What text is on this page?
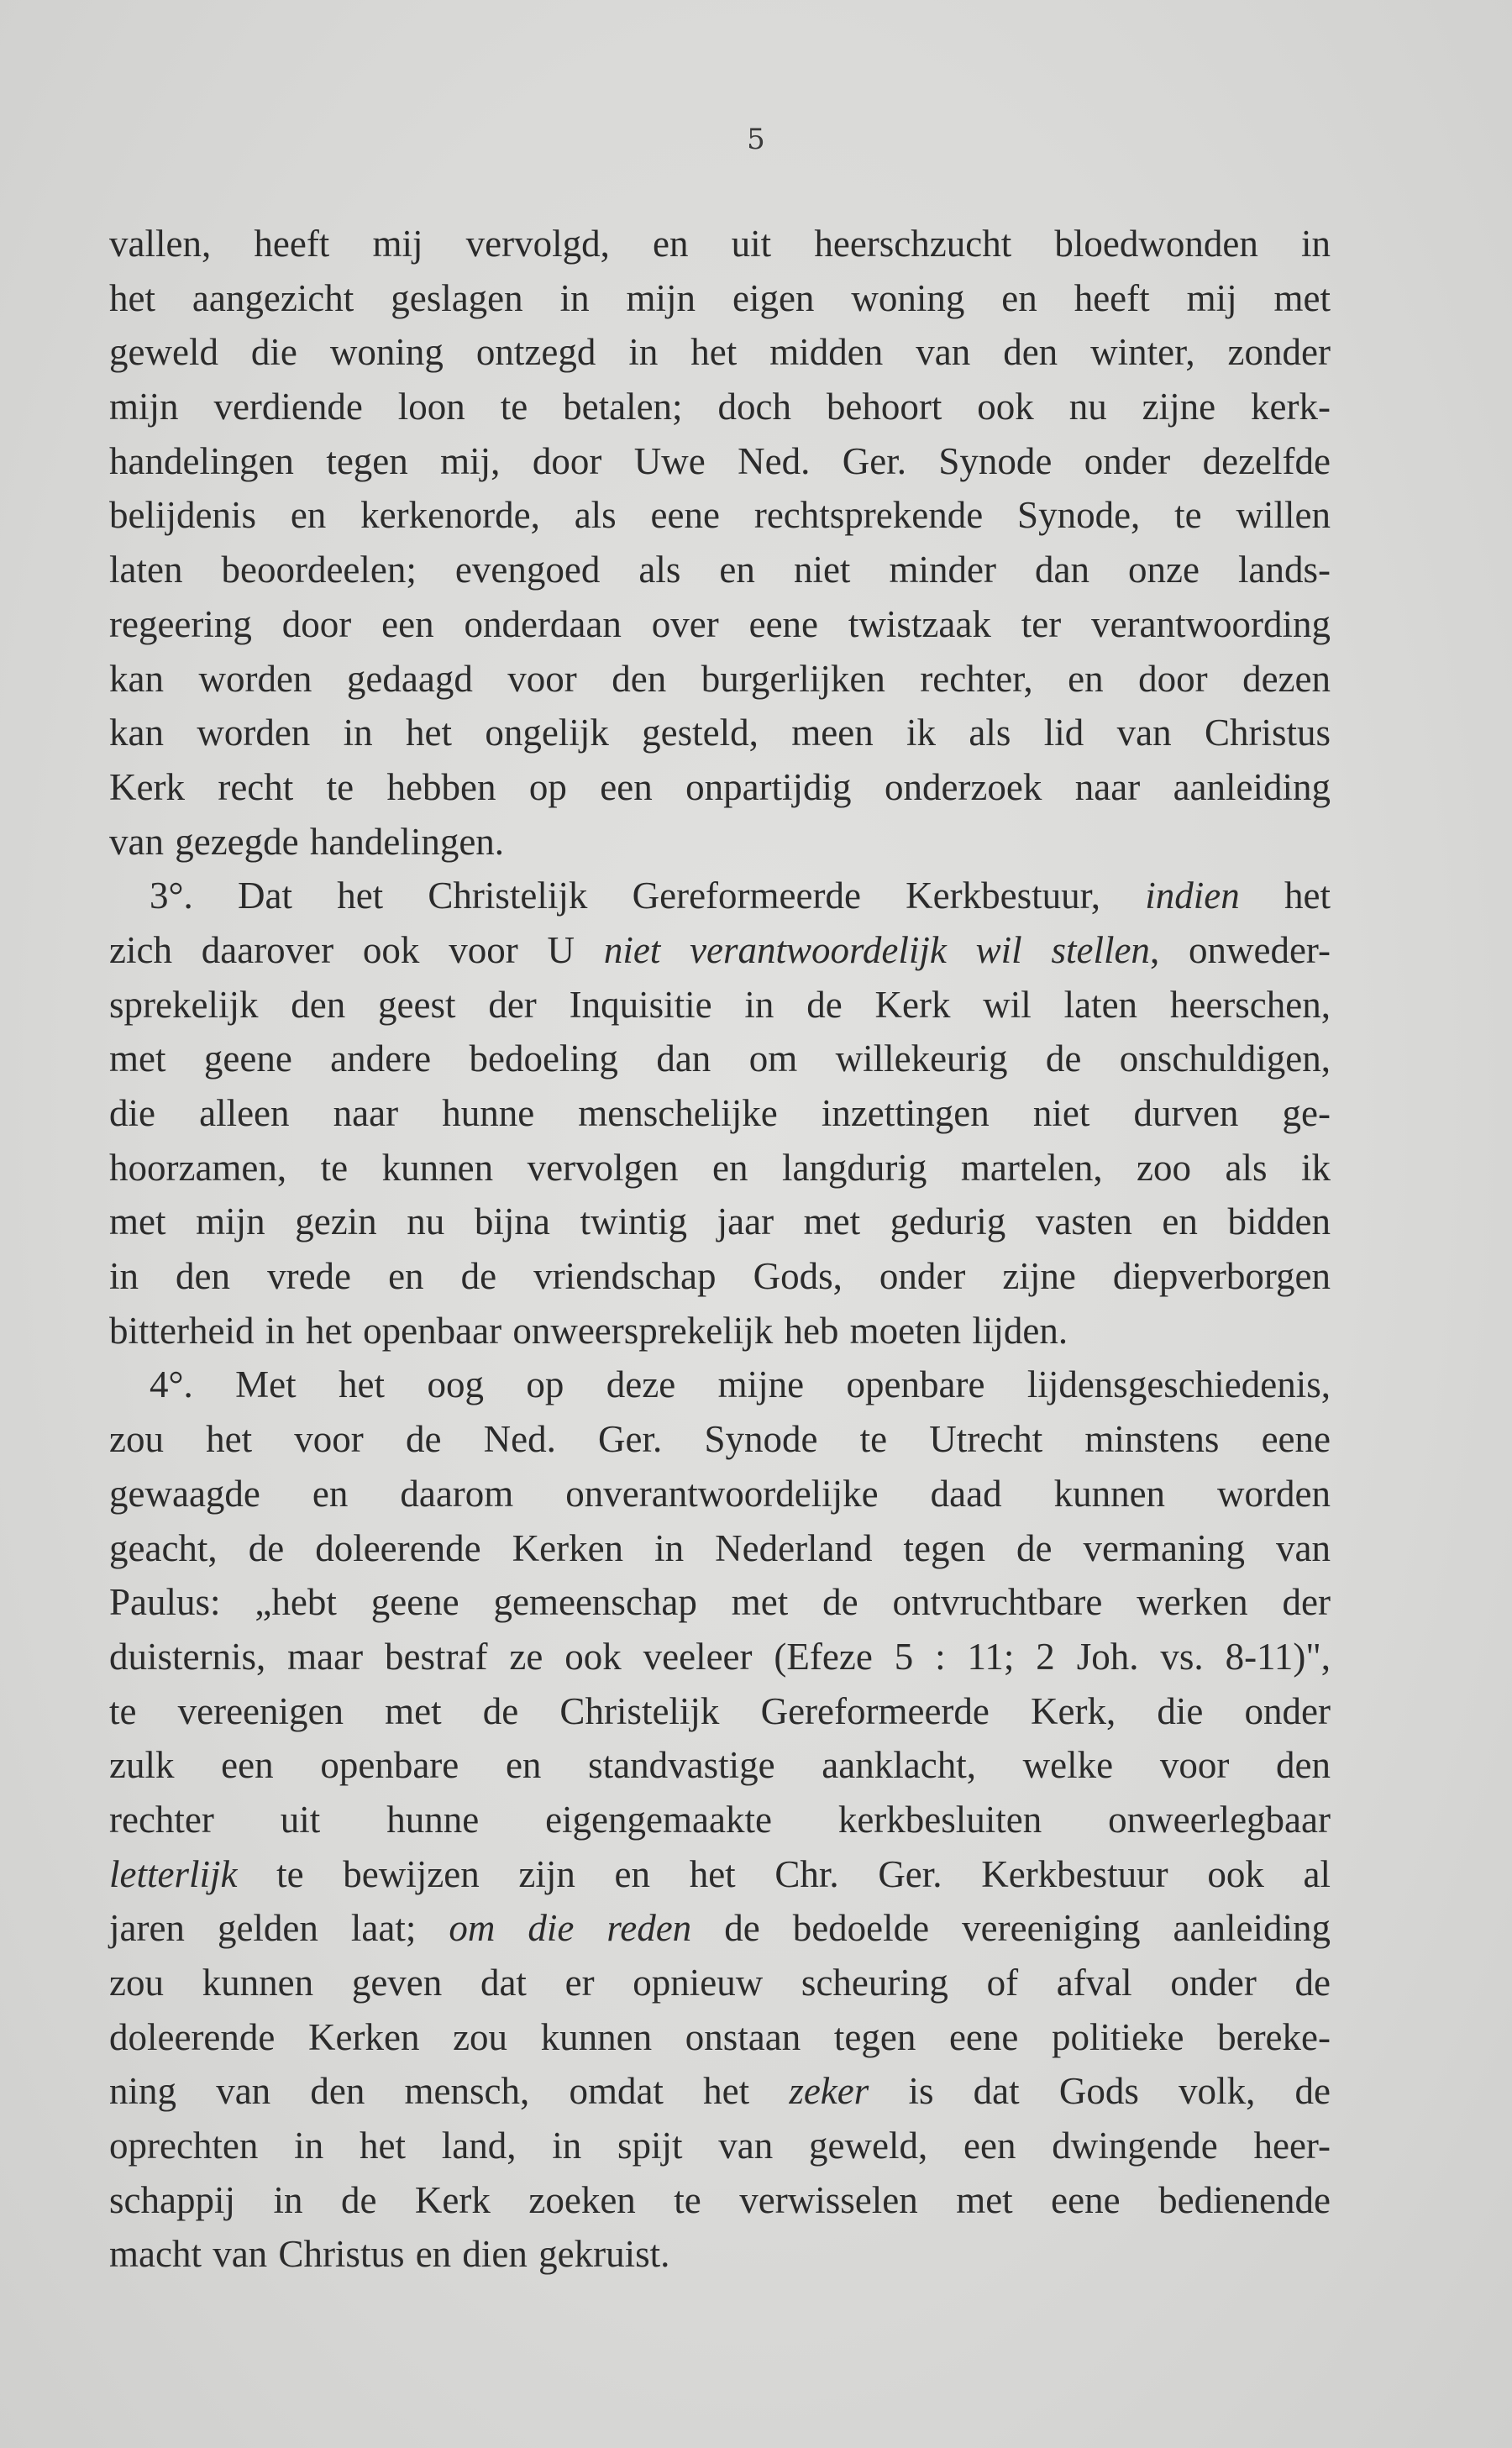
5
vallen, heeft mij vervolgd, en uit heerschzucht bloedwonden in
het aangezicht geslagen in mijn eigen woning en heeft mij met
geweld die woning ontzegd in het midden van den winter, zonder
mijn verdiende loon te betalen; doch behoort ook nu zijne kerk-
handelingen tegen mij, door Uwe Ned. Ger. Synode onder dezelfde
belijdenis en kerkenorde, als eene rechtsprekende Synode, te willen
laten beoordeelen; evengoed als en niet minder dan onze lands-
regeering door een onderdaan over eene twistzaak ter verantwoording
kan worden gedaagd voor den burgerlijken rechter, en door dezen
kan worden in het ongelijk gesteld, meen ik als lid van Christus
Kerk recht te hebben op een onpartijdig onderzoek naar aanleiding
van gezegde handelingen.
3°. Dat het Christelijk Gereformeerde Kerkbestuur, indien het
zich daarover ook voor U niet verantwoordelijk wil stellen, onweder-
sprekelijk den geest der Inquisitie in de Kerk wil laten heerschen,
met geene andere bedoeling dan om willekeurig de onschuldigen,
die alleen naar hunne menschelijke inzettingen niet durven ge-
hoorzamen, te kunnen vervolgen en langdurig martelen, zoo als ik
met mijn gezin nu bijna twintig jaar met gedurig vasten en bidden
in den vrede en de vriendschap Gods, onder zijne diepverborgen
bitterheid in het openbaar onweersprekelijk heb moeten lijden.
4°. Met het oog op deze mijne openbare lijdensgeschiedenis,
zou het voor de Ned. Ger. Synode te Utrecht minstens eene
gewaagde en daarom onverantwoordelijke daad kunnen worden
geacht, de doleerende Kerken in Nederland tegen de vermaning van
Paulus: „hebt geene gemeenschap met de ontvruchtbare werken der
duisternis, maar bestraf ze ook veeleer (Efeze 5 : 11; 2 Joh. vs. 8-11)",
te vereenigen met de Christelijk Gereformeerde Kerk, die onder
zulk een openbare en standvastige aanklacht, welke voor den
rechter uit hunne eigengemaakte kerkbesluiten onweerlegbaar
letterlijk te bewijzen zijn en het Chr. Ger. Kerkbestuur ook al
jaren gelden laat; om die reden de bedoelde vereeniging aanleiding
zou kunnen geven dat er opnieuw scheuring of afval onder de
doleerende Kerken zou kunnen onstaan tegen eene politieke bereke-
ning van den mensch, omdat het zeker is dat Gods volk, de
oprechten in het land, in spijt van geweld, een dwingende heer-
schappij in de Kerk zoeken te verwisselen met eene bedienende
macht van Christus en dien gekruist.
